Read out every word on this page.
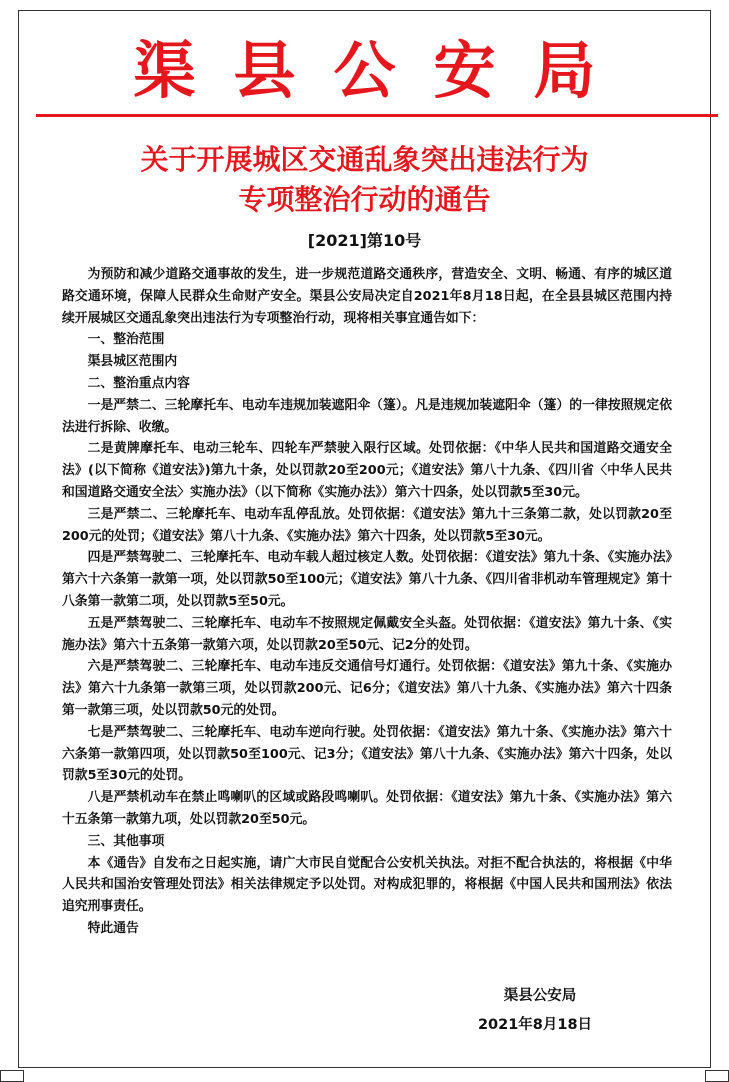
渠县公安局
关于开展城区交通乱象突出违法行为
专项整治行动的通告
[2021]第10号

为预防和减少道路交通事故的发生，进一步规范道路交通秩序，营造安全、文明、畅通、有序的城区道路交通环境，保障人民群众生命财产安全。渠县公安局决定自2021年8月18日起，在全县县城区范围内持续开展城区交通乱象突出违法行为专项整治行动，现将相关事宜通告如下：

一、整治范围

渠县城区范围内

二、整治重点内容

一是严禁二、三轮摩托车、电动车违规加装遮阳伞（篷）。凡是违规加装遮阳伞（篷）的一律按照规定依法进行拆除、收缴。

二是黄牌摩托车、电动三轮车、四轮车严禁驶入限行区域。处罚依据：《中华人民共和国道路交通安全法》(以下简称《道安法》)第九十条，处以罚款20至200元；《道安法》第八十九条、《四川省〈中华人民共和国道路交通安全法〉实施办法》（以下简称《实施办法》）第六十四条，处以罚款5至30元。

三是严禁二、三轮摩托车、电动车乱停乱放。处罚依据：《道安法》第九十三条第二款，处以罚款20至200元的处罚；《道安法》第八十九条、《实施办法》第六十四条，处以罚款5至30元。

四是严禁驾驶二、三轮摩托车、电动车载人超过核定人数。处罚依据：《道安法》第九十条、《实施办法》第六十六条第一款第一项，处以罚款50至100元；《道安法》第八十九条、《四川省非机动车管理规定》第十八条第一款第二项，处以罚款5至50元。

五是严禁驾驶二、三轮摩托车、电动车不按照规定佩戴安全头盔。处罚依据：《道安法》第九十条、《实施办法》第六十五条第一款第六项，处以罚款20至50元、记2分的处罚。

六是严禁驾驶二、三轮摩托车、电动车违反交通信号灯通行。处罚依据：《道安法》第九十条、《实施办法》第六十九条第一款第三项，处以罚款200元、记6分；《道安法》第八十九条、《实施办法》第六十四条第一款第三项，处以罚款50元的处罚。

七是严禁驾驶二、三轮摩托车、电动车逆向行驶。处罚依据：《道安法》第九十条、《实施办法》第六十六条第一款第四项，处以罚款50至100元、记3分；《道安法》第八十九条、《实施办法》第六十四条，处以罚款5至30元的处罚。

八是严禁机动车在禁止鸣喇叭的区域或路段鸣喇叭。处罚依据：《道安法》第九十条、《实施办法》第六十五条第一款第九项，处以罚款20至50元。

三、其他事项

本《通告》自发布之日起实施，请广大市民自觉配合公安机关执法。对拒不配合执法的，将根据《中华人民共和国治安管理处罚法》相关法律规定予以处罚。对构成犯罪的，将根据《中国人民共和国刑法》依法追究刑事责任。

特此通告

渠县公安局
2021年8月18日
